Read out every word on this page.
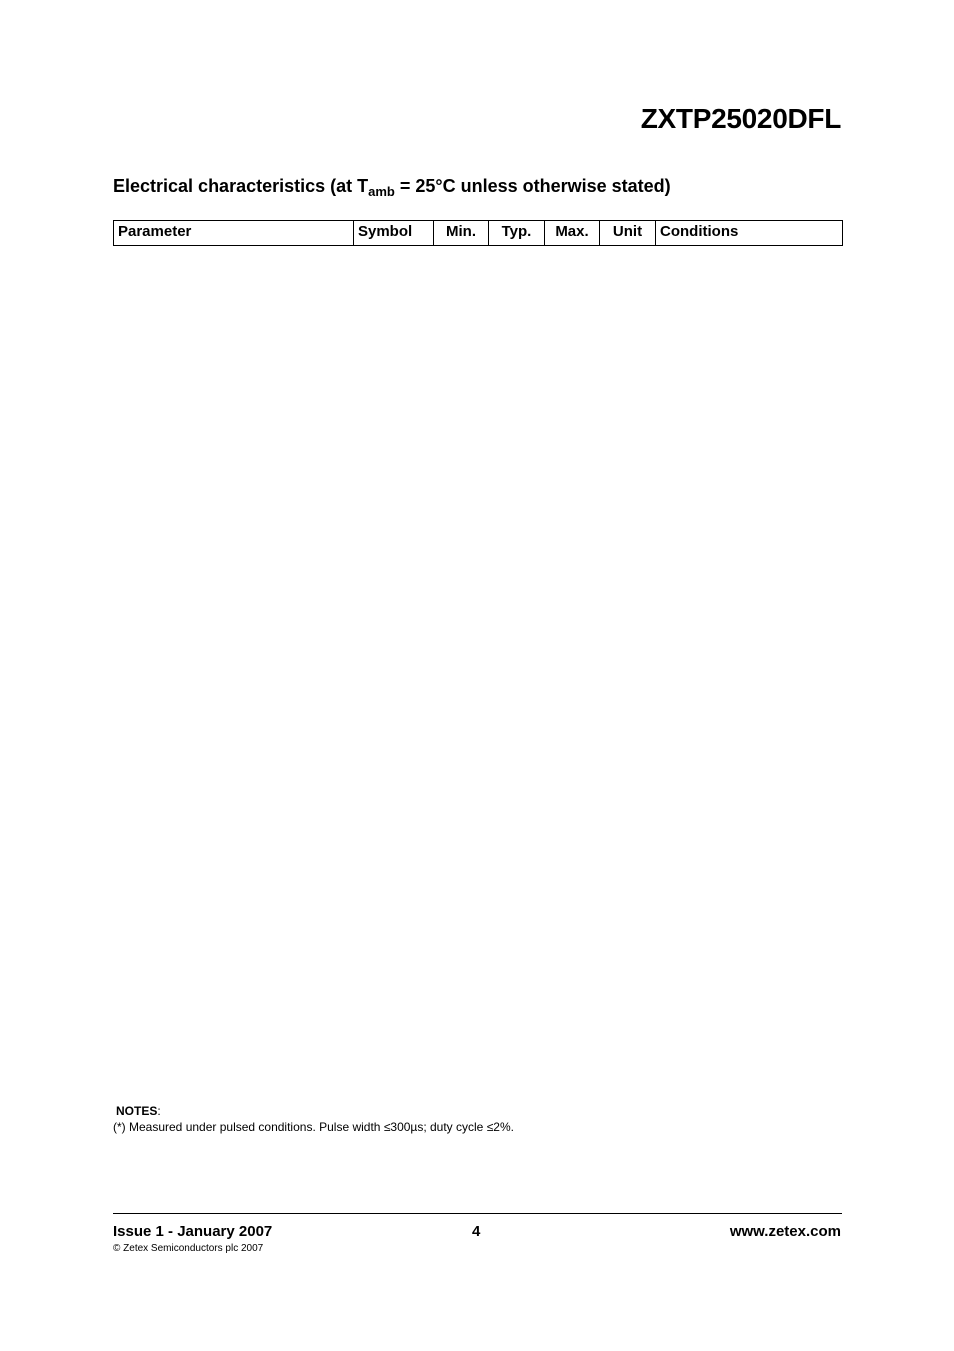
ZXTP25020DFL
Electrical characteristics (at $T_{amb} = 25^\circ C$ unless otherwise stated)
Parameter	Symbol	Min.	Typ.	Max.	Unit	Conditions
NOTES:
(*) Measured under pulsed conditions. Pulse width ≤300µs; duty cycle ≤2%.
Issue 1 - January 2007	4	www.zetex.com
© Zetex Semiconductors plc 2007
